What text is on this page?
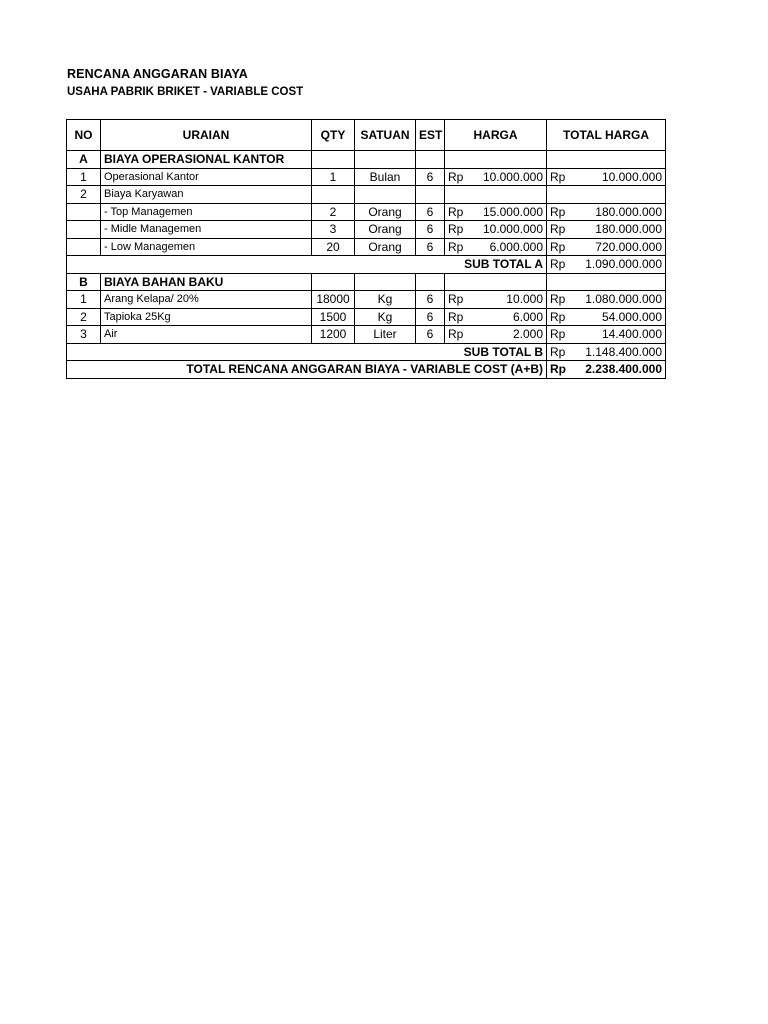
RENCANA ANGGARAN BIAYA
USAHA PABRIK BRIKET - VARIABLE COST
NO	URAIAN	QTY	SATUAN	EST	HARGA	TOTAL HARGA
A	BIAYA OPERASIONAL KANTOR					
1	Operasional Kantor	1	Bulan	6	Rp 10.000.000	Rp 10.000.000

2	Biaya Karyawan					
	- Top Managemen	2	Orang	6	Rp 15.000.000	Rp 180.000.000

	- Midle Managemen	3	Orang	6	Rp 10.000.000	Rp 180.000.000

	- Low Managemen	20	Orang	6	Rp 6.000.000	Rp 720.000.000

SUB TOTAL A						Rp 1.090.000.000

B	BIAYA BAHAN BAKU					
1	Arang Kelapa/ 20%	18000	Kg	6	Rp 10.000	Rp 1.080.000.000

2	Tapioka 25Kg	1500	Kg	6	Rp 6.000	Rp 54.000.000

3	Air	1200	Liter	6	Rp 2.000	Rp 14.400.000

SUB TOTAL B						Rp 1.148.400.000

TOTAL RENCANA ANGGARAN BIAYA - VARIABLE COST (A+B)						Rp 2.238.400.000
